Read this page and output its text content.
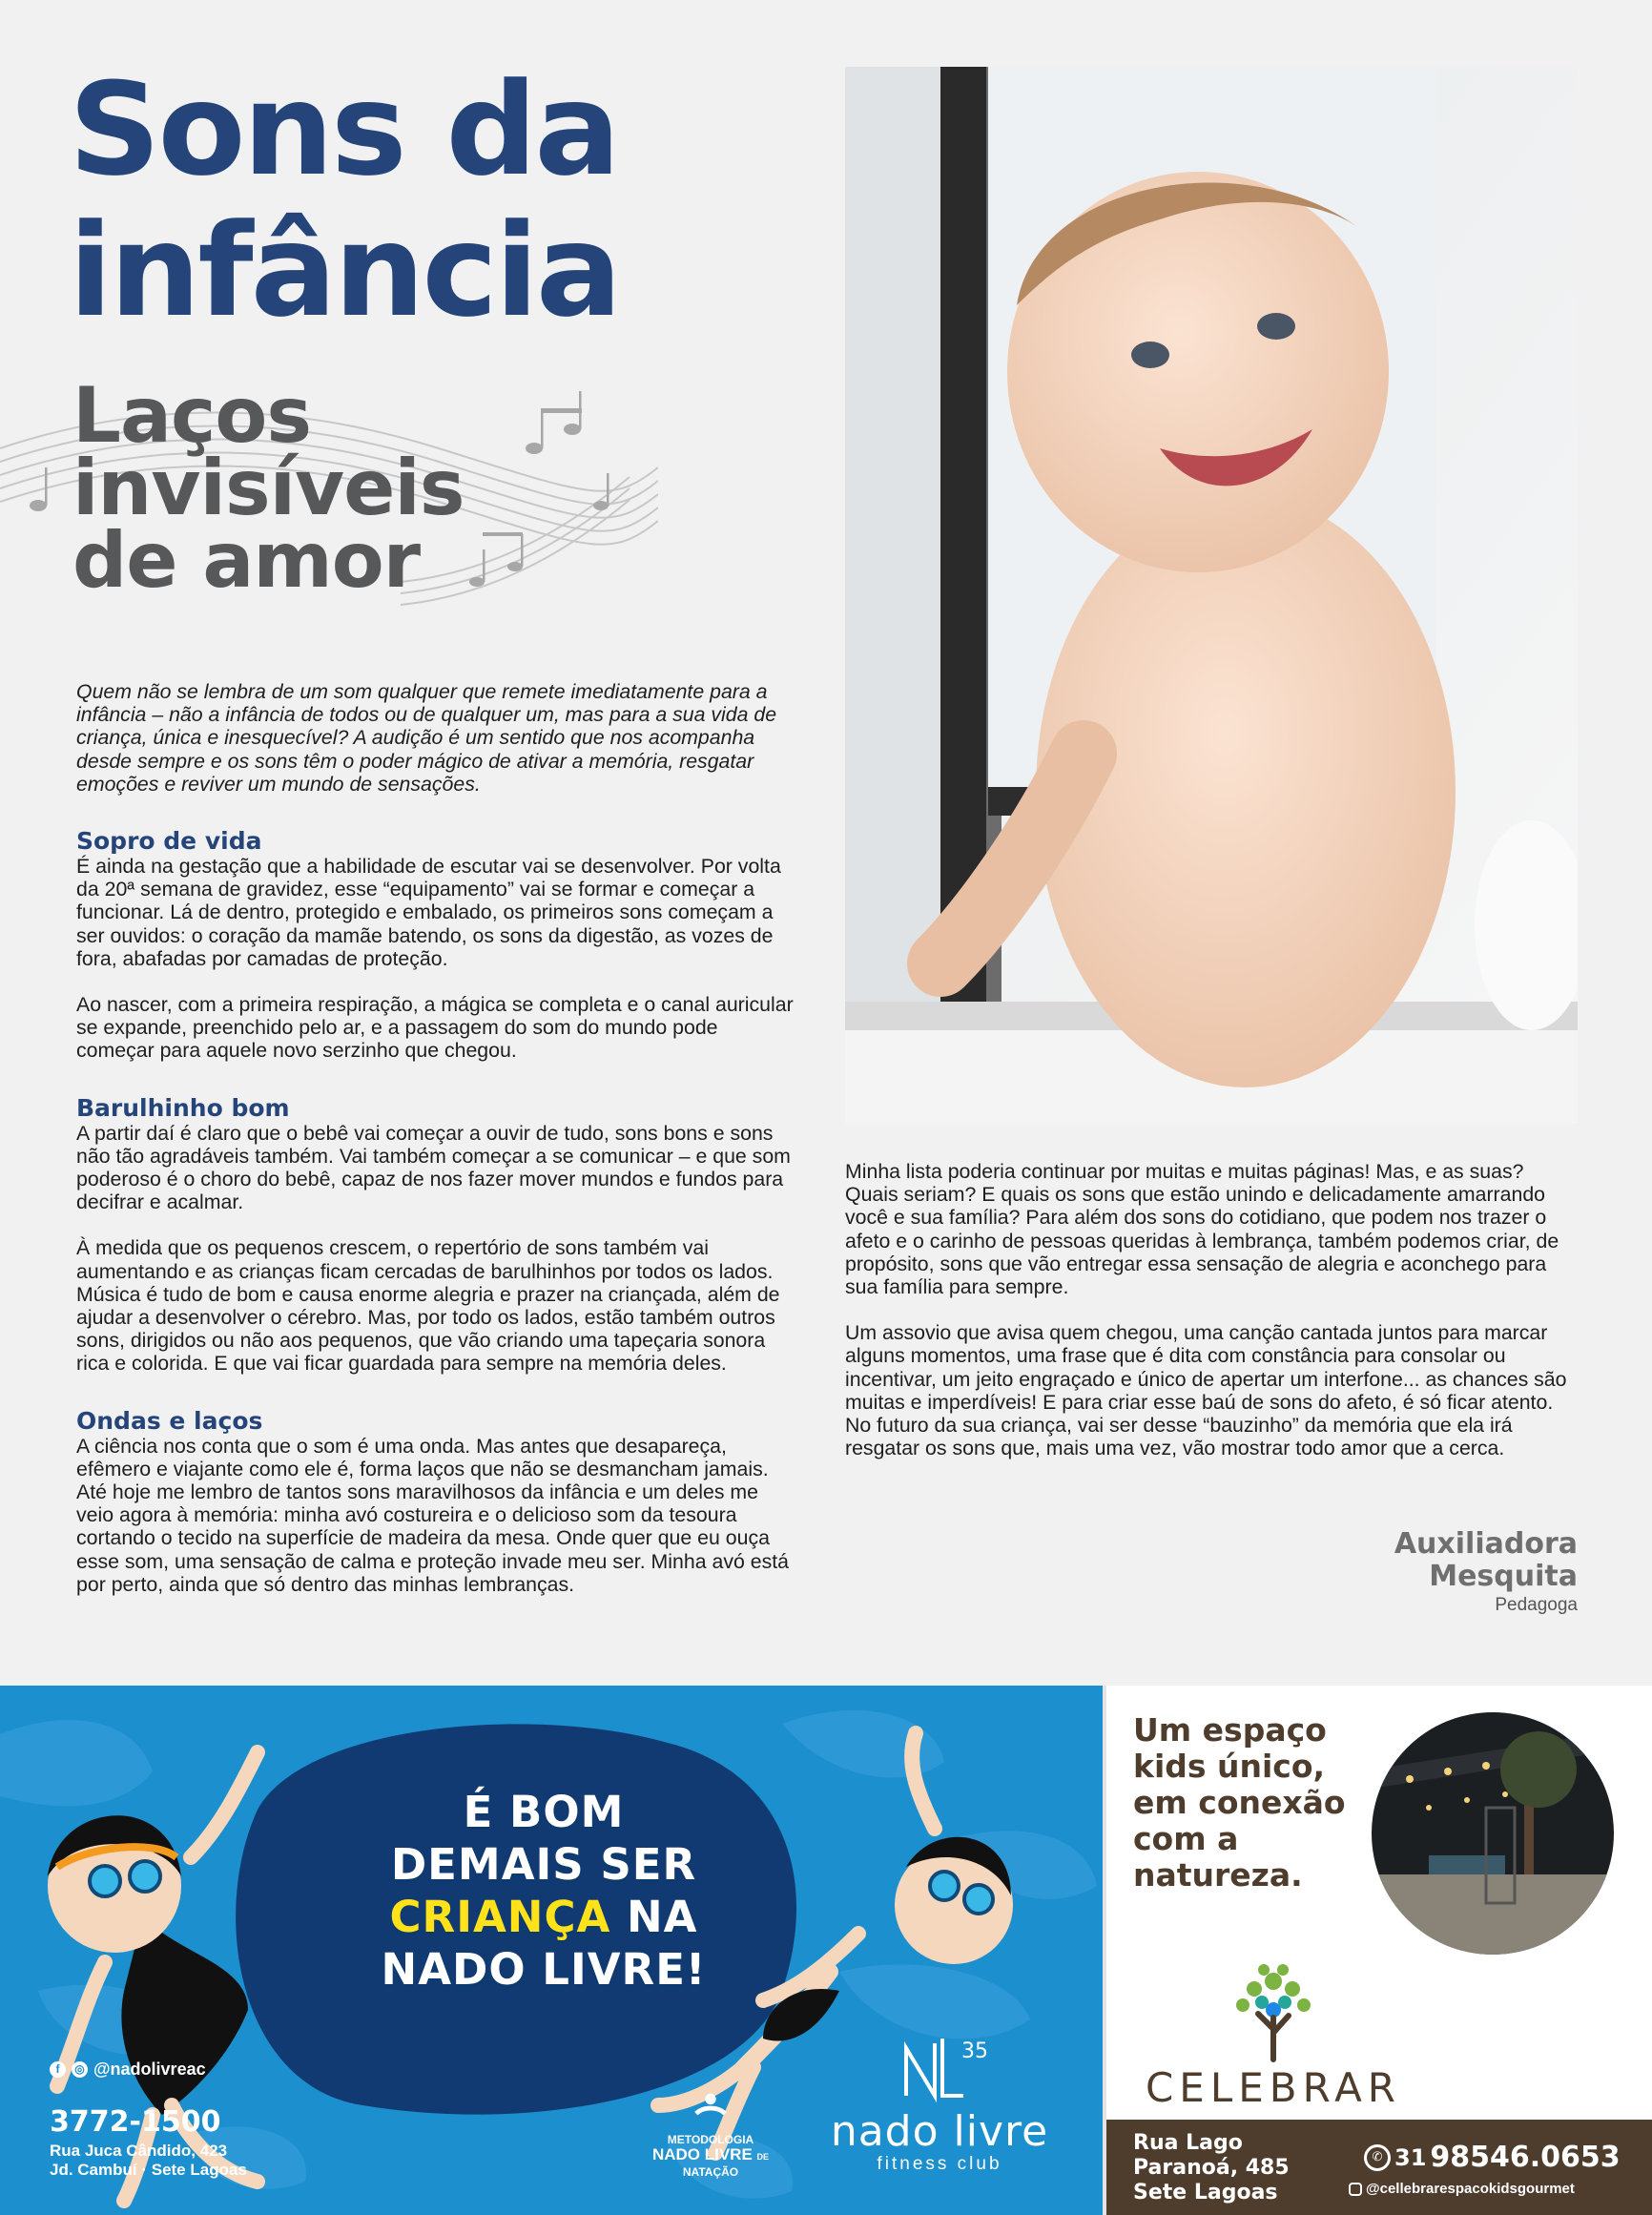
Sons da
infância
Laços
invisíveis
de amor

Quem não se lembra de um som qualquer que remete imediatamente para a infância – não a infância de todos ou de qualquer um, mas para a sua vida de criança, única e inesquecível? A audição é um sentido que nos acompanha desde sempre e os sons têm o poder mágico de ativar a memória, resgatar emoções e reviver um mundo de sensações.

Sopro de vida

É ainda na gestação que a habilidade de escutar vai se desenvolver. Por volta da 20ª semana de gravidez, esse “equipamento” vai se formar e começar a funcionar. Lá de dentro, protegido e embalado, os primeiros sons começam a ser ouvidos: o coração da mamãe batendo, os sons da digestão, as vozes de fora, abafadas por camadas de proteção.

Ao nascer, com a primeira respiração, a mágica se completa e o canal auricular se expande, preenchido pelo ar, e a passagem do som do mundo pode começar para aquele novo serzinho que chegou.

Barulhinho bom

A partir daí é claro que o bebê vai começar a ouvir de tudo, sons bons e sons não tão agradáveis também. Vai também começar a se comunicar – e que som poderoso é o choro do bebê, capaz de nos fazer mover mundos e fundos para decifrar e acalmar.

À medida que os pequenos crescem, o repertório de sons também vai aumentando e as crianças ficam cercadas de barulhinhos por todos os lados. Música é tudo de bom e causa enorme alegria e prazer na criançada, além de ajudar a desenvolver o cérebro. Mas, por todo os lados, estão também outros sons, dirigidos ou não aos pequenos, que vão criando uma tapeçaria sonora rica e colorida. E que vai ficar guardada para sempre na memória deles.

Ondas e laços

A ciência nos conta que o som é uma onda. Mas antes que desapareça, efêmero e viajante como ele é, forma laços que não se desmancham jamais. Até hoje me lembro de tantos sons maravilhosos da infância e um deles me veio agora à memória: minha avó costureira e o delicioso som da tesoura cortando o tecido na superfície de madeira da mesa. Onde quer que eu ouça esse som, uma sensação de calma e proteção invade meu ser. Minha avó está por perto, ainda que só dentro das minhas lembranças.

Minha lista poderia continuar por muitas e muitas páginas! Mas, e as suas? Quais seriam? E quais os sons que estão unindo e delicadamente amarrando você e sua família? Para além dos sons do cotidiano, que podem nos trazer o afeto e o carinho de pessoas queridas à lembrança, também podemos criar, de propósito, sons que vão entregar essa sensação de alegria e aconchego para sua família para sempre.

Um assovio que avisa quem chegou, uma canção cantada juntos para marcar alguns momentos, uma frase que é dita com constância para consolar ou incentivar, um jeito engraçado e único de apertar um interfone... as chances são muitas e imperdíveis! E para criar esse baú de sons do afeto, é só ficar atento. No futuro da sua criança, vai ser desse “bauzinho” da memória que ela irá resgatar os sons que, mais uma vez, vão mostrar todo amor que a cerca.

Auxiliadora
Mesquita
Pedagoga
É BOM
DEMAIS SER
CRIANÇA NA
NADO LIVRE!
f	◎ @nadolivreac
3772-1500
Rua Juca Cândido, 423
Jd. Cambuí · Sete Lagoas
METODOLOGIA
NADO LIVRE DE
NATAÇÃO
35
nado livre
fitness club
Um espaço
kids único,
em conexão
com a
natureza.
CELEBRAR
Rua Lago
Paranoá, 485
Sete Lagoas
✆ 31 98546.0653
@cellebrarespacokidsgourmet
